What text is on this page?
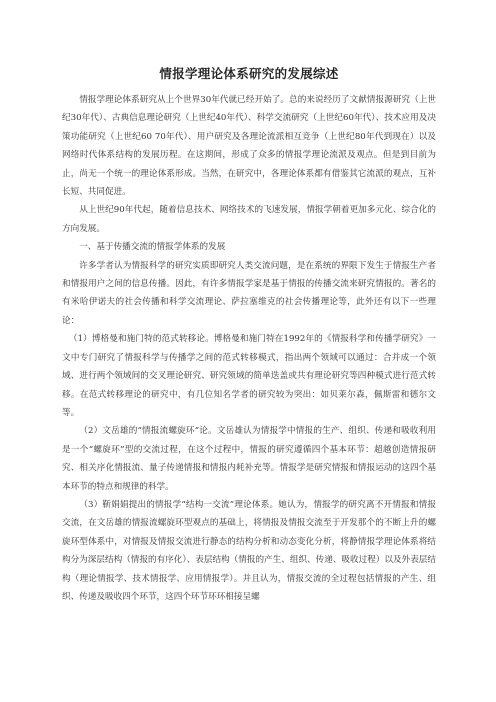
情报学理论体系研究的发展综述

情报学理论体系研究从上个世界30年代就已经开始了。总的来说经历了文献情报源研究（上世纪30年代）、古典信息理论研究（上世纪40年代）、科学交流研究（上世纪60年代）、技术应用及决策功能研究（上世纪60 70年代）、用户研究及各理论流派相互竞争（上世纪80年代到现在）以及网络时代体系结构的发展历程。在这期间，形成了众多的情报学理论流派及观点。但是到目前为止，尚无一个统一的理论体系形成。当然，在研究中，各理论体系都有借鉴其它流派的观点，互补长短、共同促进。

从上世纪90年代起，随着信息技术、网络技术的飞速发展，情报学朝着更加多元化、综合化的方向发展。

一、基于传播交流的情报学体系的发展

许多学者认为情报科学的研究实质即研究人类交流问题，是在系统的界限下发生于情报生产者和情报用户之间的信息传播。因此，有许多情报学家是基于情报的传播交流来研究情报的。著名的有米哈伊诺夫的社会传播和科学交流理论、萨拉塞维克的社会传播理论等，此外还有以下一些理论：

（1）博格曼和施门特的范式转移论。博格曼和施门特在1992年的《情报科学和传播学研究》一文中专门研究了情报科学与传播学之间的范式转移模式，指出两个领域可以通过：合并成一个领域、进行两个领域间的交叉理论研究、研究领域的简单迭盖或共有理论研究等四种模式进行范式转移。在范式转移理论的研究中，有几位知名学者的研究较为突出：如贝莱尔森，佩斯雷和德尔文等。

（2）文岳雄的“情报流螺旋环”论。文岳雄认为情报学中情报的生产、组织、传递和吸收利用是一个“螺旋环”型的交流过程，在这个过程中，情报的研究遵循四个基本环节：超越创造情报研究、相关序化情报流、量子传递情报和情报内耗补充等。情报学是研究情报和情报运动的这四个基本环节的特点和规律的科学。

（3）靳娟娟提出的情报学“结构一交流”理论体系。她认为，情报学的研究离不开情报和情报交流，在文岳雄的情报流螺旋环型观点的基础上，将情报及情报交流至于开发那个的不断上升的螺旋环型体系中，对情报及情报交流进行静态的结构分析和动态变化分析，将静情报学理论体系将结构分为深层结构（情报的有序化）、表层结构（情报的产生、组织、传递、吸收过程）以及外表层结构（理论情报学、技术情报学、应用情报学）。并且认为，情报交流的全过程包括情报的产生、组织、传递及吸收四个环节，这四个环节环环相接呈螺
